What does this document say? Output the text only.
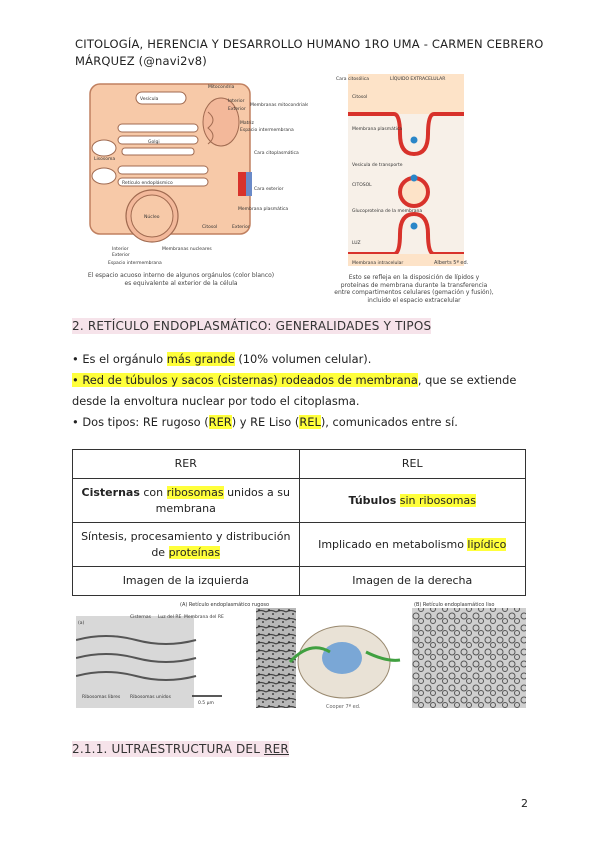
CITOLOGÍA, HERENCIA Y DESARROLLO HUMANO 1RO UMA - CARMEN CEBRERO
MÁRQUEZ (@navi2v8)
Vesícula
Mitocondria
Golgi
Lisosoma
Retículo endoplásmico
Núcleo
Interior
Exterior
Membranas mitocondriales
Matriz
Espacio intermembrana
Cara citoplasmática
Cara exterior
Membrana plasmática
Citosol	Exterior
Interior
Exterior
Membranas nucleares
Espacio intermembrana
El espacio acuoso interno de algunos orgánulos (color blanco) es equivalente al exterior de la célula
Cara citosólica	LÍQUIDO EXTRACELULAR
Citosol
Membrana plasmática
Vesícula de transporte
CITOSOL
Glucoproteína de la membrana
LUZ
Membrana intracelular	Alberts 5ª ed.
Esto se refleja en la disposición de lípidos y proteínas de membrana durante la transferencia entre compartimentos celulares (gemación y fusión), incluido el espacio extracelular
2. RETÍCULO ENDOPLASMÁTICO: GENERALIDADES Y TIPOS
• Es el orgánulo más grande (10% volumen celular).
• Red de túbulos y sacos (cisternas) rodeados de membrana, que se extiende
desde la envoltura nuclear por todo el citoplasma.
• Dos tipos: RE rugoso (RER) y RE Liso (REL), comunicados entre sí.
RER	REL
Cisternas con ribosomas unidos a su membrana	Túbulos sin ribosomas
Síntesis, procesamiento y distribución de proteínas	Implicado en metabolismo lipídico
Imagen de la izquierda	Imagen de la derecha
(A) Retículo endoplasmático rugoso	(B) Retículo endoplasmático liso
(a)
Cisternas Luz del RE Membrana del RE
Ribosomas libres Ribosomas unidos
0.5 µm
Cooper 7ª ed.
2.1.1. ULTRAESTRUCTURA DEL RER
2
